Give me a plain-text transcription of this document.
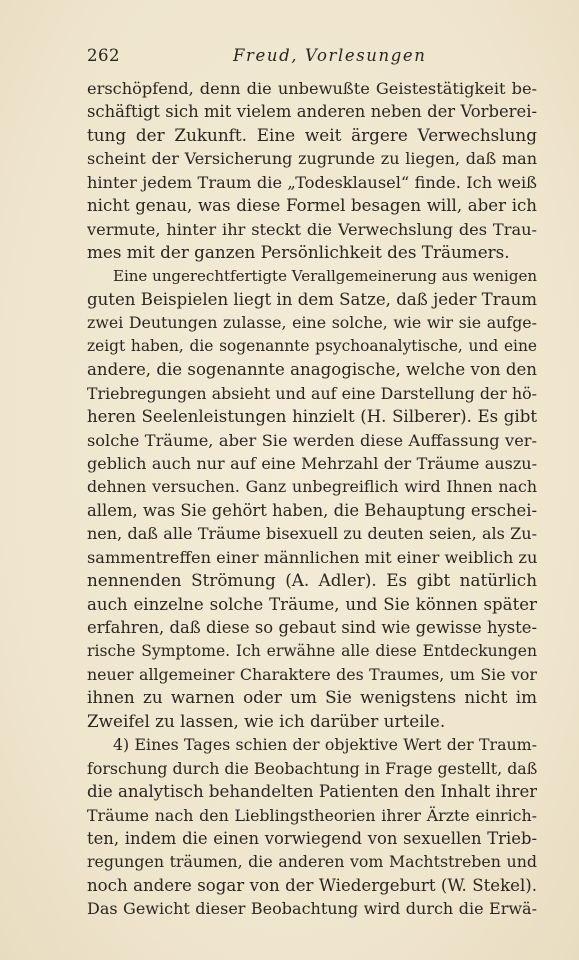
262	Freud, Vorlesungen
erschöpfend, denn die unbewußte Geistestätigkeit be-
schäftigt sich mit vielem anderen neben der Vorberei-
tung der Zukunft. Eine weit ärgere Verwechslung
scheint der Versicherung zugrunde zu liegen, daß man
hinter jedem Traum die „Todesklausel“ finde. Ich weiß
nicht genau, was diese Formel besagen will, aber ich
vermute, hinter ihr steckt die Verwechslung des Trau-
mes mit der ganzen Persönlichkeit des Träumers.
Eine ungerechtfertigte Verallgemeinerung aus wenigen
guten Beispielen liegt in dem Satze, daß jeder Traum
zwei Deutungen zulasse, eine solche, wie wir sie aufge-
zeigt haben, die sogenannte psychoanalytische, und eine
andere, die sogenannte anagogische, welche von den
Triebregungen absieht und auf eine Darstellung der hö-
heren Seelenleistungen hinzielt (H. Silberer). Es gibt
solche Träume, aber Sie werden diese Auffassung ver-
geblich auch nur auf eine Mehrzahl der Träume auszu-
dehnen versuchen. Ganz unbegreiflich wird Ihnen nach
allem, was Sie gehört haben, die Behauptung erschei-
nen, daß alle Träume bisexuell zu deuten seien, als Zu-
sammentreffen einer männlichen mit einer weiblich zu
nennenden Strömung (A. Adler). Es gibt natürlich
auch einzelne solche Träume, und Sie können später
erfahren, daß diese so gebaut sind wie gewisse hyste-
rische Symptome. Ich erwähne alle diese Entdeckungen
neuer allgemeiner Charaktere des Traumes, um Sie vor
ihnen zu warnen oder um Sie wenigstens nicht im
Zweifel zu lassen, wie ich darüber urteile.
4) Eines Tages schien der objektive Wert der Traum-
forschung durch die Beobachtung in Frage gestellt, daß
die analytisch behandelten Patienten den Inhalt ihrer
Träume nach den Lieblingstheorien ihrer Ärzte einrich-
ten, indem die einen vorwiegend von sexuellen Trieb-
regungen träumen, die anderen vom Machtstreben und
noch andere sogar von der Wiedergeburt (W. Stekel).
Das Gewicht dieser Beobachtung wird durch die Erwä-
